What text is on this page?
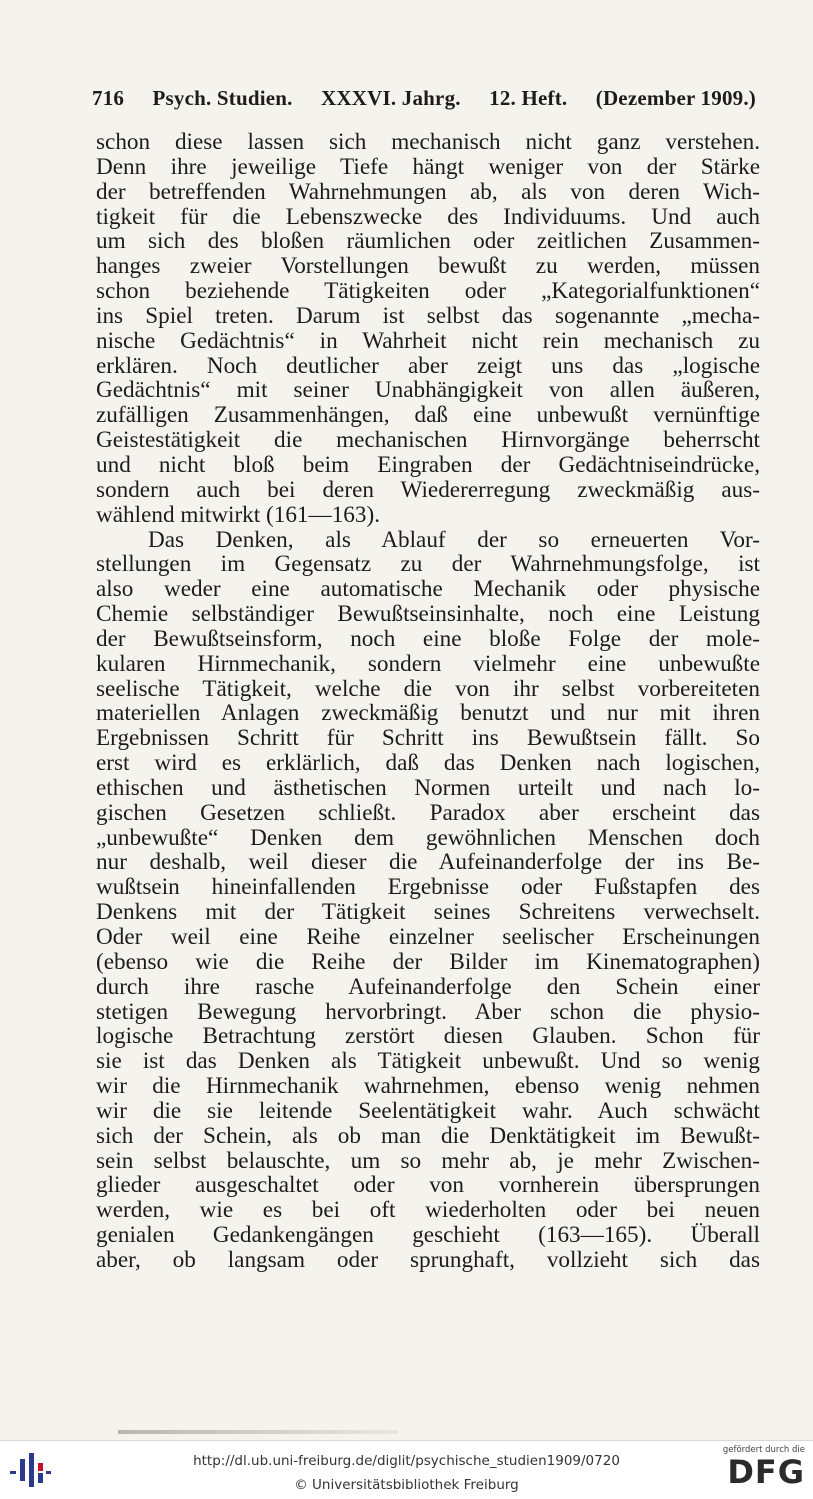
716 Psych. Studien. XXXVI. Jahrg. 12. Heft. (Dezember 1909.)
schon diese lassen sich mechanisch nicht ganz verstehen.
Denn ihre jeweilige Tiefe hängt weniger von der Stärke
der betreffenden Wahrnehmungen ab, als von deren Wich-
tigkeit für die Lebenszwecke des Individuums. Und auch
um sich des bloßen räumlichen oder zeitlichen Zusammen-
hanges zweier Vorstellungen bewußt zu werden, müssen
schon beziehende Tätigkeiten oder „Kategorialfunktionen“
ins Spiel treten. Darum ist selbst das sogenannte „mecha-
nische Gedächtnis“ in Wahrheit nicht rein mechanisch zu
erklären. Noch deutlicher aber zeigt uns das „logische
Gedächtnis“ mit seiner Unabhängigkeit von allen äußeren,
zufälligen Zusammenhängen, daß eine unbewußt vernünftige
Geistestätigkeit die mechanischen Hirnvorgänge beherrscht
und nicht bloß beim Eingraben der Gedächtniseindrücke,
sondern auch bei deren Wiedererregung zweckmäßig aus-
wählend mitwirkt (161—163).
Das Denken, als Ablauf der so erneuerten Vor-
stellungen im Gegensatz zu der Wahrnehmungsfolge, ist
also weder eine automatische Mechanik oder physische
Chemie selbständiger Bewußtseinsinhalte, noch eine Leistung
der Bewußtseinsform, noch eine bloße Folge der mole-
kularen Hirnmechanik, sondern vielmehr eine unbewußte
seelische Tätigkeit, welche die von ihr selbst vorbereiteten
materiellen Anlagen zweckmäßig benutzt und nur mit ihren
Ergebnissen Schritt für Schritt ins Bewußtsein fällt. So
erst wird es erklärlich, daß das Denken nach logischen,
ethischen und ästhetischen Normen urteilt und nach lo-
gischen Gesetzen schließt. Paradox aber erscheint das
„unbewußte“ Denken dem gewöhnlichen Menschen doch
nur deshalb, weil dieser die Aufeinanderfolge der ins Be-
wußtsein hineinfallenden Ergebnisse oder Fußstapfen des
Denkens mit der Tätigkeit seines Schreitens verwechselt.
Oder weil eine Reihe einzelner seelischer Erscheinungen
(ebenso wie die Reihe der Bilder im Kinematographen)
durch ihre rasche Aufeinanderfolge den Schein einer
stetigen Bewegung hervorbringt. Aber schon die physio-
logische Betrachtung zerstört diesen Glauben. Schon für
sie ist das Denken als Tätigkeit unbewußt. Und so wenig
wir die Hirnmechanik wahrnehmen, ebenso wenig nehmen
wir die sie leitende Seelentätigkeit wahr. Auch schwächt
sich der Schein, als ob man die Denktätigkeit im Bewußt-
sein selbst belauschte, um so mehr ab, je mehr Zwischen-
glieder ausgeschaltet oder von vornherein übersprungen
werden, wie es bei oft wiederholten oder bei neuen
genialen Gedankengängen geschieht (163—165). Überall
aber, ob langsam oder sprunghaft, vollzieht sich das
http://dl.ub.uni-freiburg.de/diglit/psychische_studien1909/0720
© Universitätsbibliothek Freiburg
gefördert durch die
DFG
